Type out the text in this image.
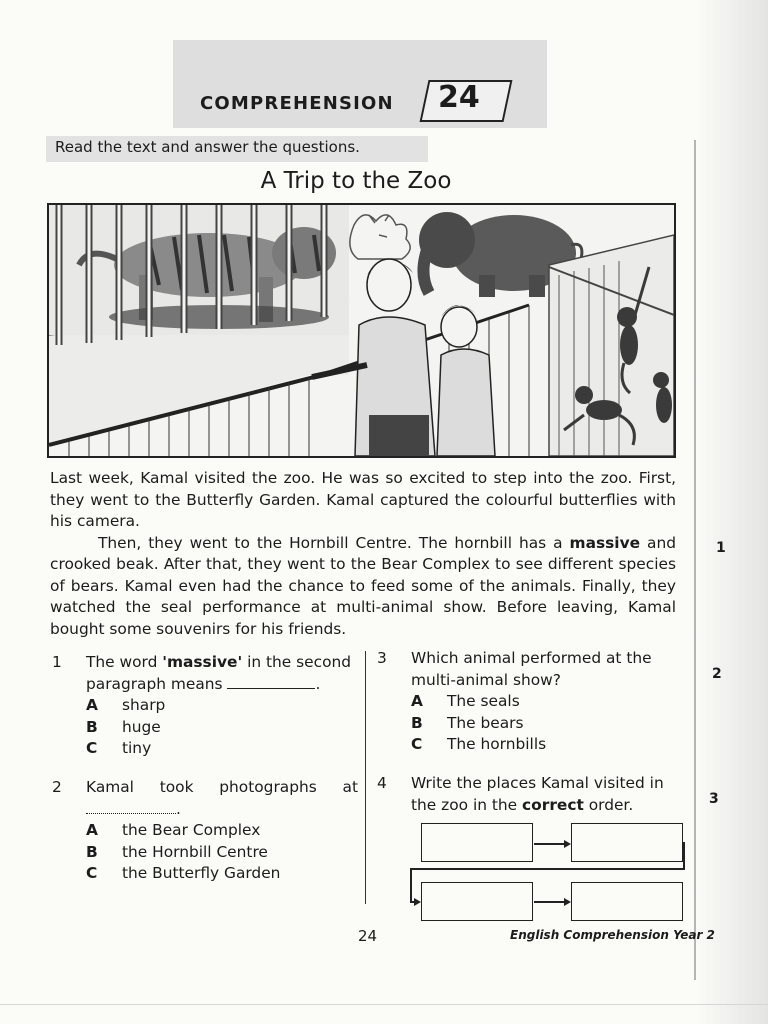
COMPREHENSION 24
Read the text and answer the questions.
A Trip to the Zoo

Last week, Kamal visited the zoo. He was so excited to step into the zoo. First, they went to the Butterfly Garden. Kamal captured the colourful butterflies with his camera.

Then, they went to the Hornbill Centre. The hornbill has a massive and crooked beak. After that, they went to the Bear Complex to see different species of bears. Kamal even had the chance to feed some of the animals. Finally, they watched the seal performance at multi-animal show. Before leaving, Kamal bought some souvenirs for his friends.

1
2
3
1	The word 'massive' in the second paragraph means	.
A	sharp
B	huge
C	tiny
2	Kamal took photographs at
.
A	the Bear Complex
B	the Hornbill Centre
C	the Butterfly Garden
3	Which animal performed at the multi-animal show?
A	The seals
B	The bears
C	The hornbills
4	Write the places Kamal visited in the zoo in the correct order.
24	English Comprehension Year 2
